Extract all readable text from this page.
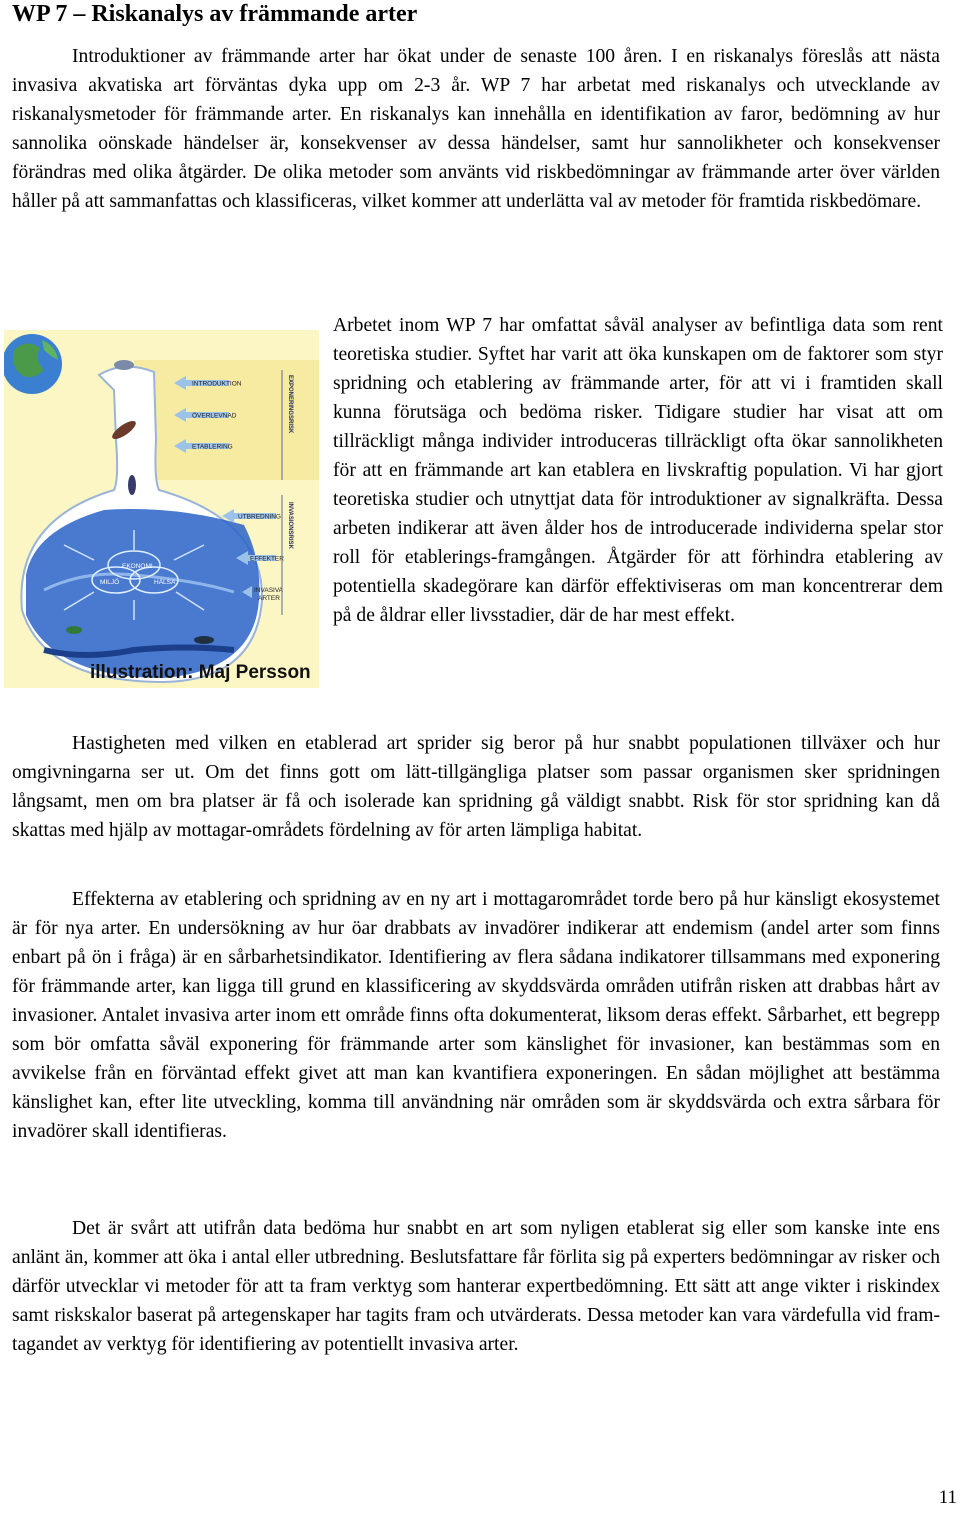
WP 7 – Riskanalys av främmande arter

Introduktioner av främmande arter har ökat under de senaste 100 åren. I en riskanalys föreslås att nästa invasiva akvatiska art förväntas dyka upp om 2-3 år. WP 7 har arbetat med riskanalys och utvecklande av riskanalysmetoder för främmande arter. En riskanalys kan innehålla en identifikation av faror, bedömning av hur sannolika oönskade händelser är, konsekvenser av dessa händelser, samt hur sannolikheter och konsekvenser förändras med olika åtgärder. De olika metoder som använts vid riskbedömningar av främmande arter över världen håller på att sammanfattas och klassificeras, vilket kommer att underlätta val av metoder för framtida riskbedömare.

EKONOMI
MILJÖ	HÄLSA
INTRODUKTION
ÖVERLEVNAD
ETABLERING
UTBREDNING
EFFEKTER
INVASIVA
ARTER
EXPONERINGSRISK
INVASIONSRISK

illustration: Maj Persson

Arbetet inom WP 7 har omfattat såväl analyser av befintliga data som rent teoretiska studier. Syftet har varit att öka kunskapen om de faktorer som styr spridning och etablering av främmande arter, för att vi i framtiden skall kunna förutsäga och bedöma risker. Tidigare studier har visat att om tillräckligt många individer introduceras tillräckligt ofta ökar sannolikheten för att en främmande art kan etablera en livskraftig population. Vi har gjort teoretiska studier och utnyttjat data för introduktioner av signalkräfta. Dessa arbeten indikerar att även ålder hos de introducerade individerna spelar stor roll för etablerings-framgången. Åtgärder för att förhindra etablering av potentiella skadegörare kan därför effektiviseras om man koncentrerar dem på de åldrar eller livsstadier, där de har mest effekt.

Hastigheten med vilken en etablerad art sprider sig beror på hur snabbt populationen tillväxer och hur omgivningarna ser ut. Om det finns gott om lätt-tillgängliga platser som passar organismen sker spridningen långsamt, men om bra platser är få och isolerade kan spridning gå väldigt snabbt. Risk för stor spridning kan då skattas med hjälp av mottagar-områdets fördelning av för arten lämpliga habitat.

Effekterna av etablering och spridning av en ny art i mottagarområdet torde bero på hur känsligt ekosystemet är för nya arter. En undersökning av hur öar drabbats av invadörer indikerar att endemism (andel arter som finns enbart på ön i fråga) är en sårbarhetsindikator. Identifiering av flera sådana indikatorer tillsammans med exponering för främmande arter, kan ligga till grund en klassificering av skyddsvärda områden utifrån risken att drabbas hårt av invasioner. Antalet invasiva arter inom ett område finns ofta dokumenterat, liksom deras effekt. Sårbarhet, ett begrepp som bör omfatta såväl exponering för främmande arter som känslighet för invasioner, kan bestämmas som en avvikelse från en förväntad effekt givet att man kan kvantifiera exponeringen. En sådan möjlighet att bestämma känslighet kan, efter lite utveckling, komma till användning när områden som är skyddsvärda och extra sårbara för invadörer skall identifieras.

Det är svårt att utifrån data bedöma hur snabbt en art som nyligen etablerat sig eller som kanske inte ens anlänt än, kommer att öka i antal eller utbredning. Beslutsfattare får förlita sig på experters bedömningar av risker och därför utvecklar vi metoder för att ta fram verktyg som hanterar expertbedömning. Ett sätt att ange vikter i riskindex samt riskskalor baserat på artegenskaper har tagits fram och utvärderats. Dessa metoder kan vara värdefulla vid fram-tagandet av verktyg för identifiering av potentiellt invasiva arter.

11
